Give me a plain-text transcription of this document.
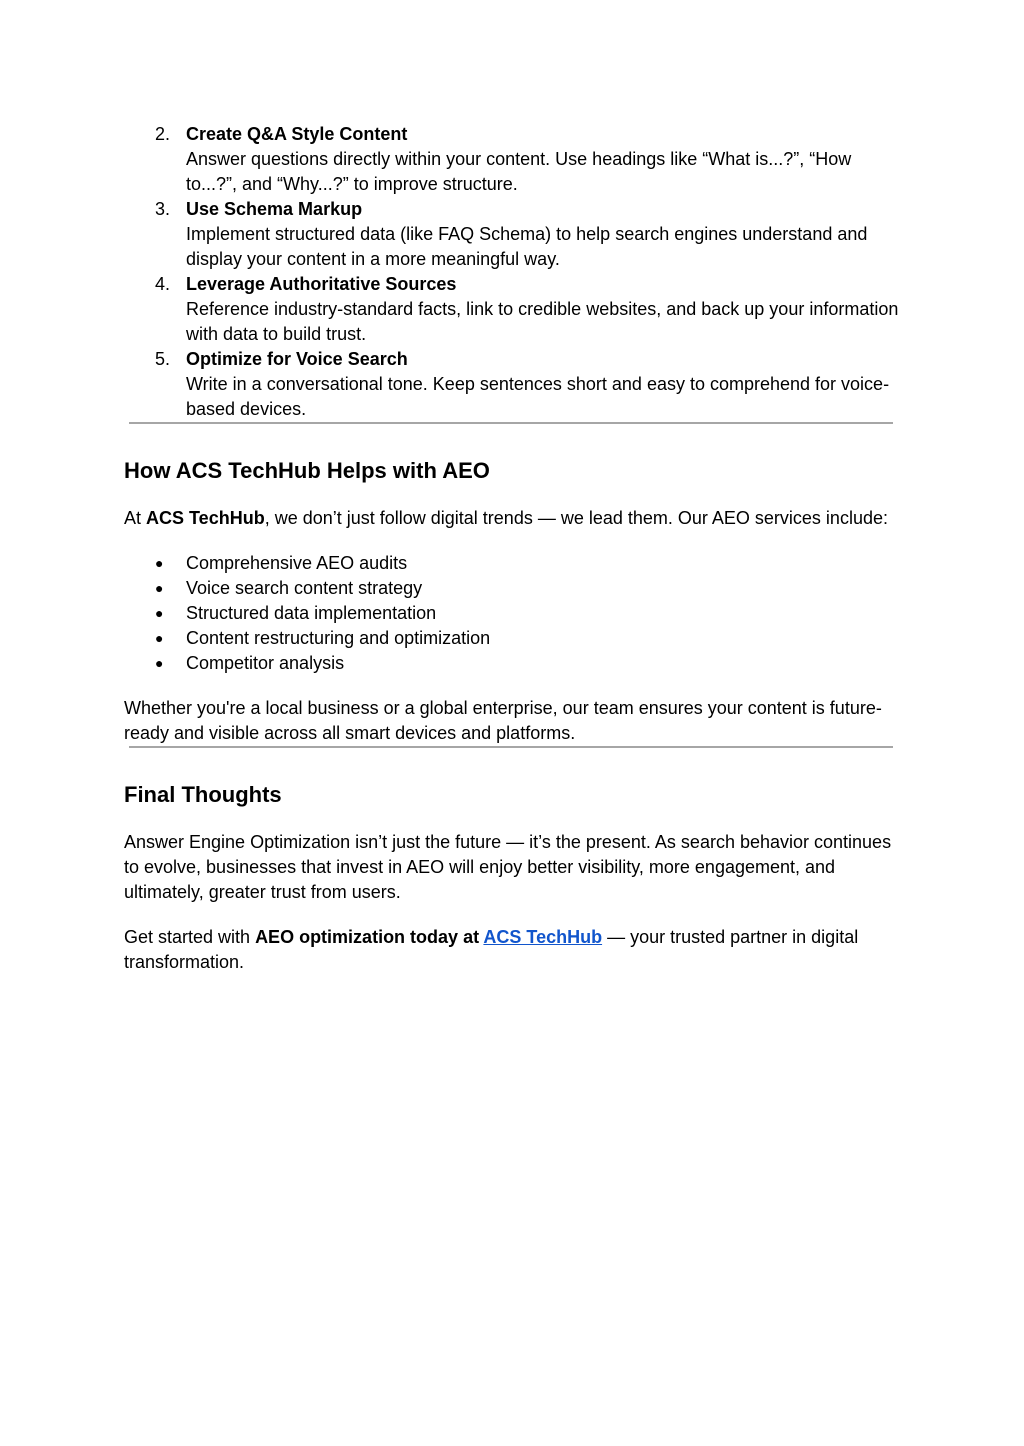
2. Create Q&A Style Content
Answer questions directly within your content. Use headings like “What is...?”, “How to...?”, and “Why...?” to improve structure.
3. Use Schema Markup
Implement structured data (like FAQ Schema) to help search engines understand and display your content in a more meaningful way.
4. Leverage Authoritative Sources
Reference industry-standard facts, link to credible websites, and back up your information with data to build trust.
5. Optimize for Voice Search
Write in a conversational tone. Keep sentences short and easy to comprehend for voice-based devices.
How ACS TechHub Helps with AEO

At ACS TechHub, we don’t just follow digital trends — we lead them. Our AEO services include:

● Comprehensive AEO audits
● Voice search content strategy
● Structured data implementation
● Content restructuring and optimization
● Competitor analysis

Whether you're a local business or a global enterprise, our team ensures your content is future-ready and visible across all smart devices and platforms.

Final Thoughts

Answer Engine Optimization isn’t just the future — it’s the present. As search behavior continues to evolve, businesses that invest in AEO will enjoy better visibility, more engagement, and ultimately, greater trust from users.

Get started with AEO optimization today at ACS TechHub — your trusted partner in digital transformation.
